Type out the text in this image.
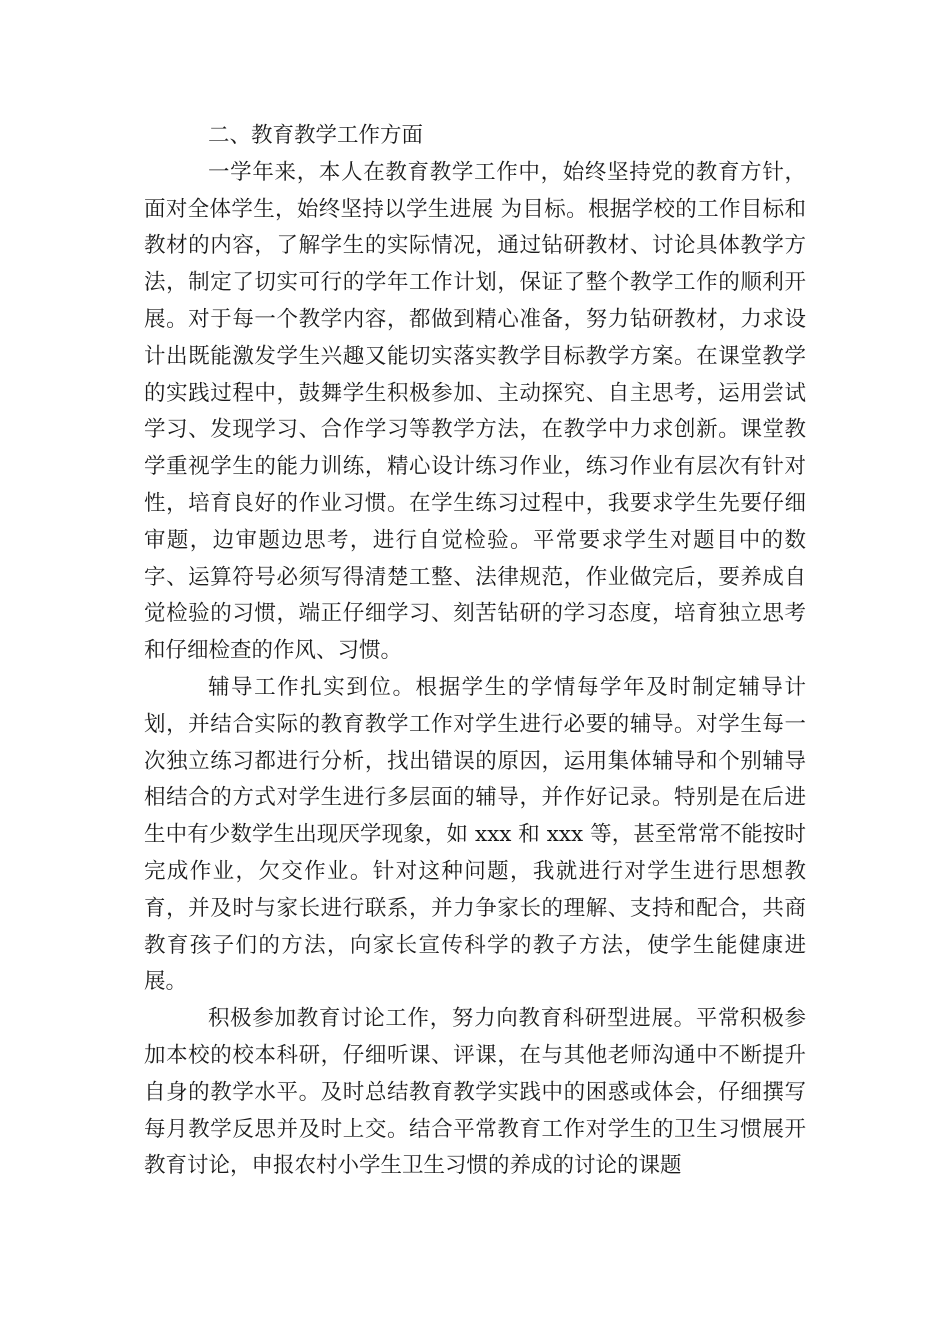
二、教育教学工作方面

一学年来，本人在教育教学工作中，始终坚持党的教育方针，面对全体学生，始终坚持以学生进展 为目标。根据学校的工作目标和教材的内容，了解学生的实际情况，通过钻研教材、讨论具体教学方法，制定了切实可行的学年工作计划，保证了整个教学工作的顺利开展。对于每一个教学内容，都做到精心准备，努力钻研教材，力求设计出既能激发学生兴趣又能切实落实教学目标教学方案。在课堂教学的实践过程中，鼓舞学生积极参加、主动探究、自主思考，运用尝试学习、发现学习、合作学习等教学方法，在教学中力求创新。课堂教学重视学生的能力训练，精心设计练习作业，练习作业有层次有针对性，培育良好的作业习惯。在学生练习过程中，我要求学生先要仔细审题，边审题边思考，进行自觉检验。平常要求学生对题目中的数字、运算符号必须写得清楚工整、法律规范，作业做完后，要养成自觉检验的习惯，端正仔细学习、刻苦钻研的学习态度，培育独立思考和仔细检查的作风、习惯。

辅导工作扎实到位。根据学生的学情每学年及时制定辅导计划，并结合实际的教育教学工作对学生进行必要的辅导。对学生每一次独立练习都进行分析，找出错误的原因，运用集体辅导和个别辅导相结合的方式对学生进行多层面的辅导，并作好记录。特别是在后进生中有少数学生出现厌学现象，如 xxx 和 xxx 等，甚至常常不能按时完成作业，欠交作业。针对这种问题，我就进行对学生进行思想教育，并及时与家长进行联系，并力争家长的理解、支持和配合，共商教育孩子们的方法，向家长宣传科学的教子方法，使学生能健康进展。

积极参加教育讨论工作，努力向教育科研型进展。平常积极参加本校的校本科研，仔细听课、评课，在与其他老师沟通中不断提升自身的教学水平。及时总结教育教学实践中的困惑或体会，仔细撰写每月教学反思并及时上交。结合平常教育工作对学生的卫生习惯展开教育讨论，申报农村小学生卫生习惯的养成的讨论的课题
